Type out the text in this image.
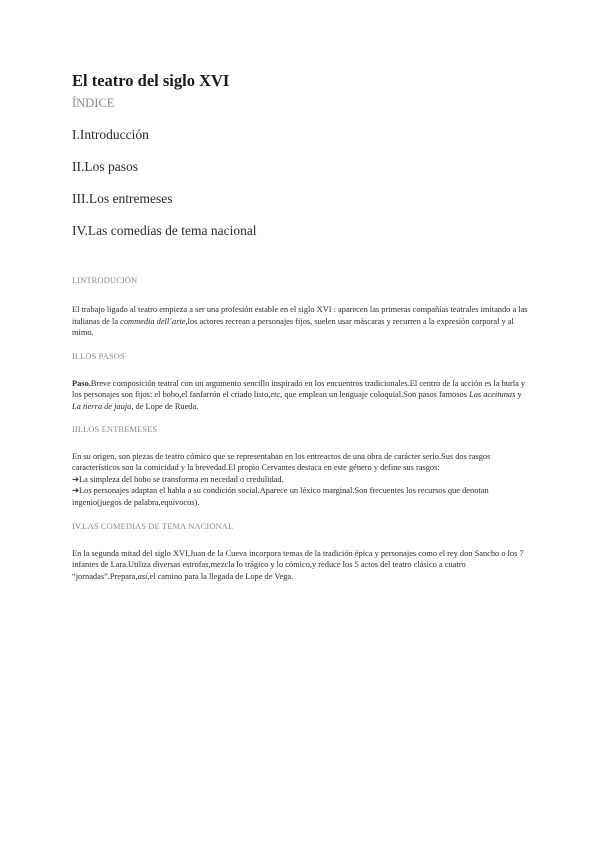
El teatro del siglo XVI
ÍNDICE
I.Introducción
II.Los pasos
III.Los entremeses
IV.Las comedias de tema nacional
I.INTRODUCIÓN

El trabajo ligado al teatro empieza a ser una profesión estable en el siglo XVI : aparecen las primeras compañías teatrales imitando a las italianas de la commedia dell´arte,los actores recrean a personajes fijos, suelen usar máscaras y recurren a la expresión corporal y al mimo.

II.LOS PASOS

Paso.Breve composición teatral con un argumento sencillo inspirado en los encuentros tradicionales.El centro de la acción es la burla y los personajes son fijos: el bobo,el fanfarrón el criado listo,etc, que emplean un lenguaje coloquial.Son pasos famosos Las aceitunas y La tierra de jauja, de Lope de Rueda.

III.LOS ENTREMESES

En su origen, son piezas de teatro cómico que se representaban en los entreactos de una obra de carácter serio.Sus dos rasgos característicos son la comicidad y la brevedad.El propio Cervantes destaca en este género y define sus rasgos:

➔La simpleza del bobo se transforma en necedad o credulidad.

➔Los personajes adaptan el habla a su condición social.Aparece un léxico marginal.Son frecuentes los recursos que denotan ingenio(juegos de palabra,equívocos).

IV.LAS COMEDIAS DE TEMA NACIONAL

En la segunda mitad del siglo XVI,Juan de la Cueva incorpora temas de la tradición épica y personajes como el rey don Sancho o los 7 infantes de Lara.Utiliza diversas estrofas,mezcla lo trágico y lo cómico,y reduce los 5 actos del teatro clásico a cuatro “jornadas”.Prepara,así,el camino para la llegada de Lope de Vega.
